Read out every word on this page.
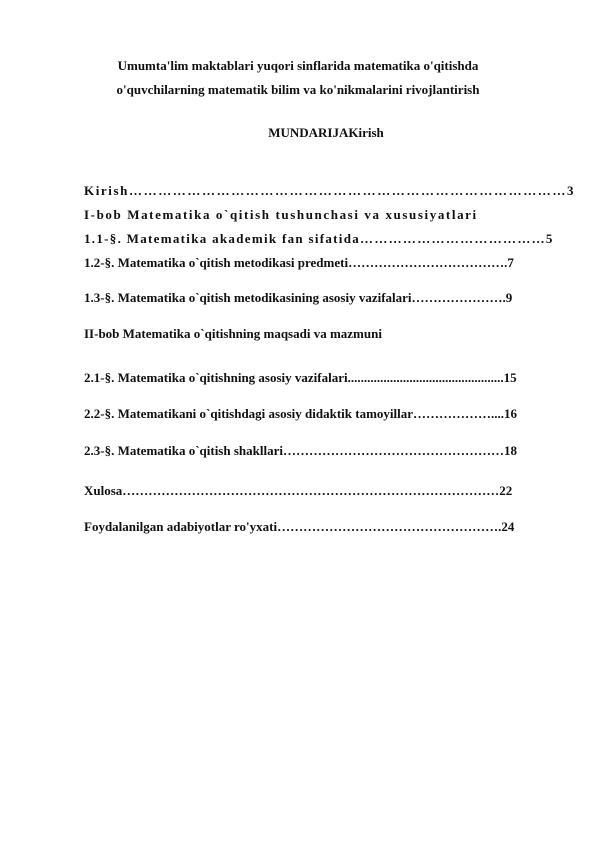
Umumta'lim maktablari yuqori sinflarida matematika o'qitishda
o'quvchilarning matematik bilim va ko'nikmalarini rivojlantirish
MUNDARIJAKirish
Kirish………………………………………………………………………………3
I-bob Matematika o`qitish tushunchasi va xususiyatlari
1.1-§. Matematika akademik fan sifatida…………………………………5
1.2-§. Matematika o`qitish metodikasi predmeti……………………………….7
1.3-§. Matematika o`qitish metodikasining asosiy vazifalari………………….9
II-bob Matematika o`qitishning maqsadi va mazmuni
2.1-§. Matematika o`qitishning asosiy vazifalari................................................15
2.2-§. Matematikani o`qitishdagi asosiy didaktik tamoyillar………………....16
2.3-§. Matematika o`qitish shakllari……………………………………………18
Xulosa……………………………………………………………………………22
Foydalanilgan adabiyotlar ro'yxati…………………………………………….24
